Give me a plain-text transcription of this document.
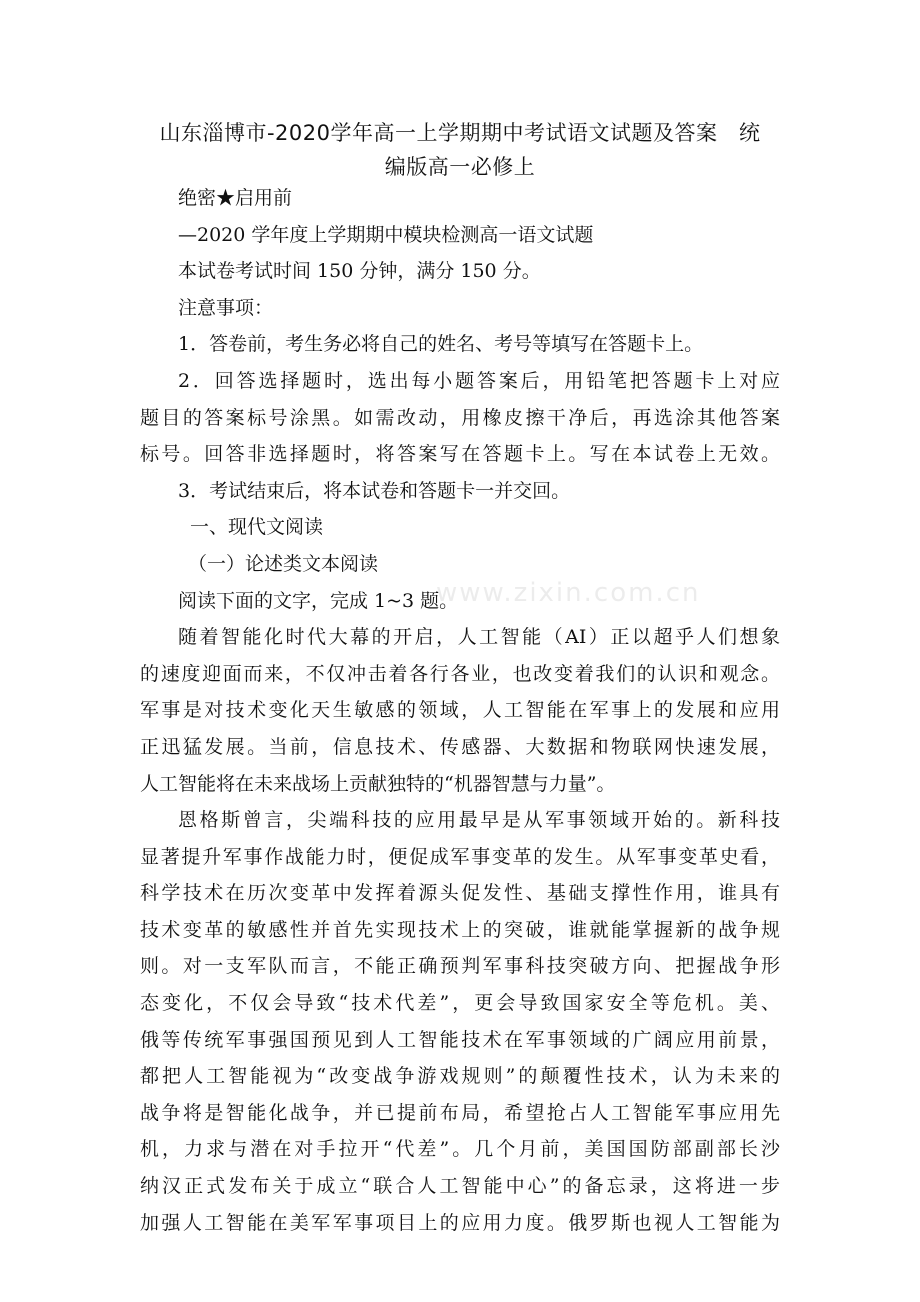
山东淄博市-2020学年高一上学期期中考试语文试题及答案　统
编版高一必修上
绝密★启用前
—2020 学年度上学期期中模块检测高一语文试题
本试卷考试时间 150 分钟，满分 150 分。
注意事项：
1．答卷前，考生务必将自己的姓名、考号等填写在答题卡上。
2．回答选择题时，选出每小题答案后，用铅笔把答题卡上对应
题目的答案标号涂黑。如需改动，用橡皮擦干净后，再选涂其他答案
标号。回答非选择题时，将答案写在答题卡上。写在本试卷上无效。
3．考试结束后，将本试卷和答题卡一并交回。
一、现代文阅读
（一）论述类文本阅读
阅读下面的文字，完成 1~3 题。
随着智能化时代大幕的开启，人工智能（AI）正以超乎人们想象
的速度迎面而来，不仅冲击着各行各业，也改变着我们的认识和观念。
军事是对技术变化天生敏感的领域，人工智能在军事上的发展和应用
正迅猛发展。当前，信息技术、传感器、大数据和物联网快速发展，
人工智能将在未来战场上贡献独特的“机器智慧与力量”。
恩格斯曾言，尖端科技的应用最早是从军事领域开始的。新科技
显著提升军事作战能力时，便促成军事变革的发生。从军事变革史看，
科学技术在历次变革中发挥着源头促发性、基础支撑性作用，谁具有
技术变革的敏感性并首先实现技术上的突破，谁就能掌握新的战争规
则。对一支军队而言，不能正确预判军事科技突破方向、把握战争形
态变化，不仅会导致“技术代差”，更会导致国家安全等危机。美、
俄等传统军事强国预见到人工智能技术在军事领域的广阔应用前景，
都把人工智能视为“改变战争游戏规则”的颠覆性技术，认为未来的
战争将是智能化战争，并已提前布局，希望抢占人工智能军事应用先
机，力求与潜在对手拉开“代差”。几个月前，美国国防部副部长沙
纳汉正式发布关于成立“联合人工智能中心”的备忘录，这将进一步
加强人工智能在美军军事项目上的应用力度。俄罗斯也视人工智能为
www.zixin.com.cn
